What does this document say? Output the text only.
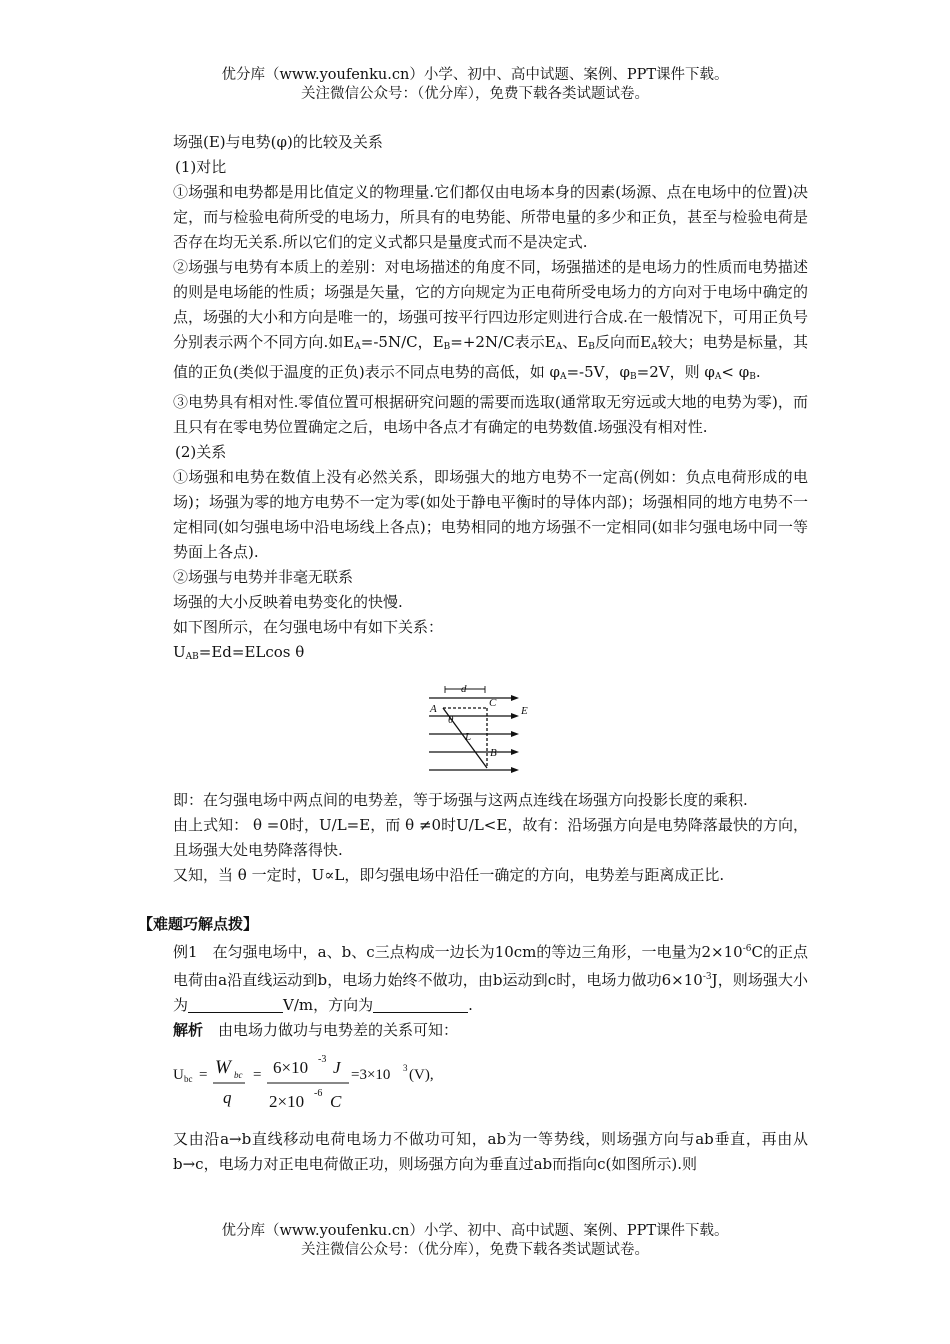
优分库（www.youfenku.cn）小学、初中、高中试题、案例、PPT课件下载。
关注微信公众号：（优分库），免费下载各类试题试卷。

场强(E)与电势(φ)的比较及关系

(1)对比

①场强和电势都是用比值定义的物理量.它们都仅由电场本身的因素(场源、点在电场中的位置)决定，而与检验电荷所受的电场力，所具有的电势能、所带电量的多少和正负，甚至与检验电荷是否存在均无关系.所以它们的定义式都只是量度式而不是决定式.

②场强与电势有本质上的差别：对电场描述的角度不同，场强描述的是电场力的性质而电势描述的则是电场能的性质；场强是矢量，它的方向规定为正电荷所受电场力的方向对于电场中确定的点，场强的大小和方向是唯一的，场强可按平行四边形定则进行合成.在一般情况下，可用正负号分别表示两个不同方向.如EA=-5N/C，EB=+2N/C表示EA、EB反向而EA较大；电势是标量，其值的正负(类似于温度的正负)表示不同点电势的高低，如 φA=-5V，φB=2V，则 φA< φB.

③电势具有相对性.零值位置可根据研究问题的需要而选取(通常取无穷远或大地的电势为零)，而且只有在零电势位置确定之后，电场中各点才有确定的电势数值.场强没有相对性.

(2)关系

①场强和电势在数值上没有必然关系，即场强大的地方电势不一定高(例如：负点电荷形成的电场)；场强为零的地方电势不一定为零(如处于静电平衡时的导体内部)；场强相同的地方电势不一定相同(如匀强电场中沿电场线上各点)；电势相同的地方场强不一定相同(如非匀强电场中同一等势面上各点).

②场强与电势并非毫无联系

场强的大小反映着电势变化的快慢.

如下图所示，在匀强电场中有如下关系：

UAB=Ed=ELcos θ

d
A	C
E
θ
L
B

即：在匀强电场中两点间的电势差，等于场强与这两点连线在场强方向投影长度的乘积.

由上式知： θ =0时，U/L=E，而 θ ≠0时U/L<E，故有：沿场强方向是电势降落最快的方向，且场强大处电势降落得快.

又知，当 θ 一定时，U∝L，即匀强电场中沿任一确定的方向，电势差与距离成正比.

【难题巧解点拨】

例1　在匀强电场中，a、b、c三点构成一边长为10cm的等边三角形，一电量为$2\times 10^{-6}C$的正点电荷由a沿直线运动到b，电场力始终不做功，由b运动到c时，电场力做功$6\times 10^{-3}J$，则场强大小为	V/m，方向为	.

解析　由电场力做功与电势差的关系可知：

U bc = W bc
q
= 6×10 -3 J
2×10 -6 C
=3×10 3 (V),

又由沿a→b直线移动电荷电场力不做功可知，ab为一等势线，则场强方向与ab垂直，再由从b→c，电场力对正电电荷做正功，则场强方向为垂直过ab而指向c(如图所示).则

优分库（www.youfenku.cn）小学、初中、高中试题、案例、PPT课件下载。
关注微信公众号：（优分库），免费下载各类试题试卷。
